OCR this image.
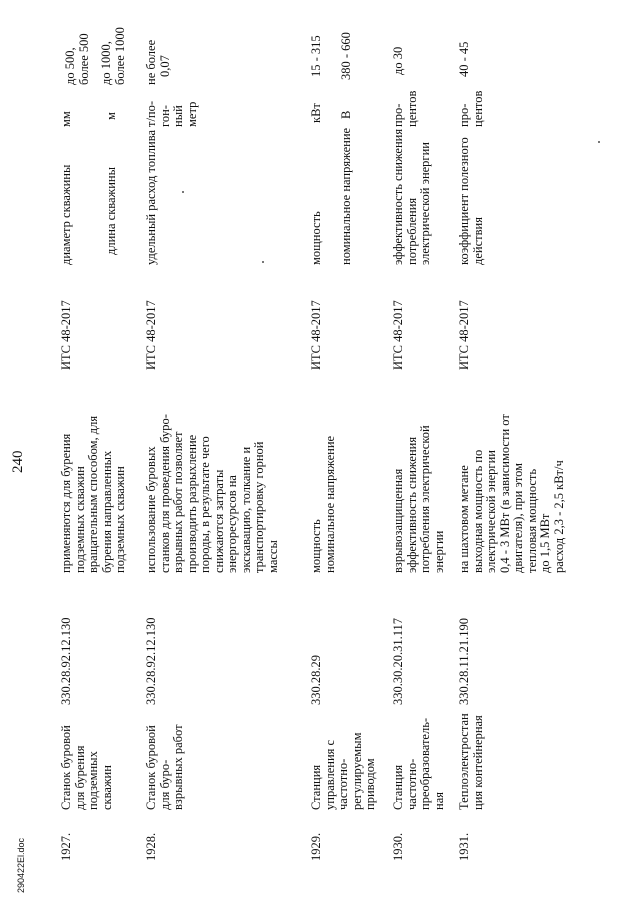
240
1927.
Станок буровой для бурения подземных скважин
330.28.92.12.130
применяются для бурения подземных скважин вращательным способом, для бурения направленных подземных скважин
ИТС 48-2017
диаметр скважины
мм
до 500, более 500
длина скважины
м
до 1000, более 1000
1928.
Станок буровой для буро- взрывных работ
330.28.92.12.130
использование буровых станков для проведения буро- взрывных работ позволяет производить разрыхление породы, в результате чего снижаются затраты энергоресурсов на экскавацию, толкание и транспортировку горной массы
ИТС 48-2017
удельный расход топлива
т/по- гон- ный метр
не более 0,07
1929.
Станция управления с частотно- регулируемым приводом
330.28.29
мощность номинальное напряжение
ИТС 48-2017
мощность
кВт
15 - 315
номинальное напряжение
В
380 - 660
1930.
Станция частотно- преобразователь- ная
330.30.20.31.117
взрывозащищенная эффективность снижения потребления электрической энергии
ИТС 48-2017
эффективность снижения потребления электрической энергии
про- центов
до 30
1931.
Теплоэлектростан ция контейнерная
330.28.11.21.190
на шахтовом метане выходная мощность по электрической энергии 0,4 - 3 МВт (в зависимости от двигателя), при этом тепловая мощность до 1,5 МВт расход 2,3 - 2,5 кВт/ч
ИТС 48-2017
коэффициент полезного действия
про- центов
40 - 45
290422El.doc
